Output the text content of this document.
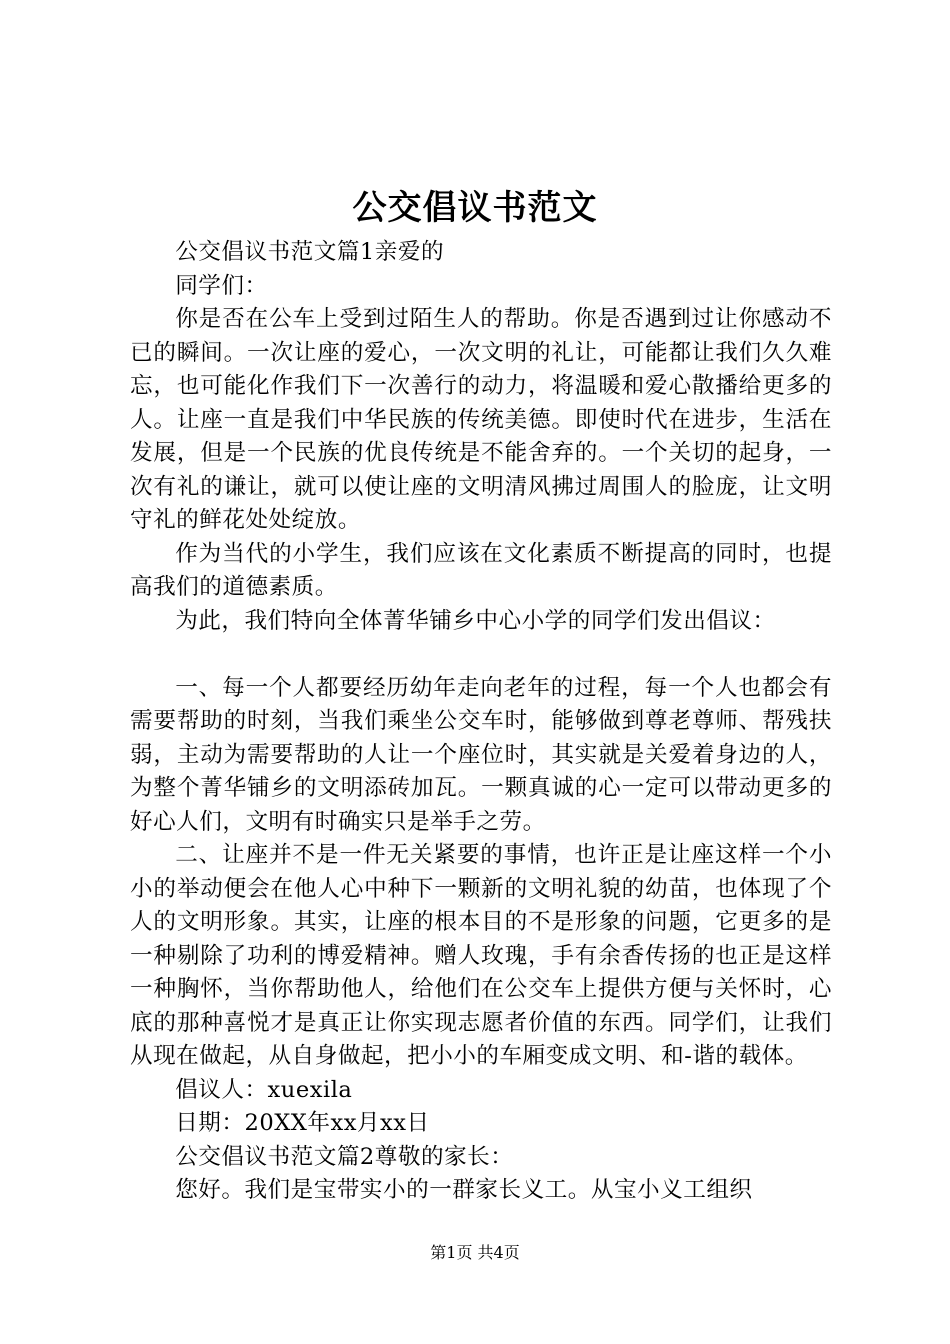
公交倡议书范文

公交倡议书范文篇1亲爱的

同学们：

你是否在公车上受到过陌生人的帮助。你是否遇到过让你感动不已的瞬间。一次让座的爱心，一次文明的礼让，可能都让我们久久难忘，也可能化作我们下一次善行的动力，将温暖和爱心散播给更多的人。让座一直是我们中华民族的传统美德。即使时代在进步，生活在发展，但是一个民族的优良传统是不能舍弃的。一个关切的起身，一次有礼的谦让，就可以使让座的文明清风拂过周围人的脸庞，让文明守礼的鲜花处处绽放。

作为当代的小学生，我们应该在文化素质不断提高的同时，也提高我们的道德素质。

为此，我们特向全体菁华铺乡中心小学的同学们发出倡议：

一、每一个人都要经历幼年走向老年的过程，每一个人也都会有需要帮助的时刻，当我们乘坐公交车时，能够做到尊老尊师、帮残扶弱，主动为需要帮助的人让一个座位时，其实就是关爱着身边的人，为整个菁华铺乡的文明添砖加瓦。一颗真诚的心一定可以带动更多的好心人们，文明有时确实只是举手之劳。

二、让座并不是一件无关紧要的事情，也许正是让座这样一个小小的举动便会在他人心中种下一颗新的文明礼貌的幼苗，也体现了个人的文明形象。其实，让座的根本目的不是形象的问题，它更多的是一种剔除了功利的博爱精神。赠人玫瑰，手有余香传扬的也正是这样一种胸怀，当你帮助他人，给他们在公交车上提供方便与关怀时，心底的那种喜悦才是真正让你实现志愿者价值的东西。同学们，让我们从现在做起，从自身做起，把小小的车厢变成文明、和-谐的载体。

倡议人：xuexila

日期：20XX年xx月xx日

公交倡议书范文篇2尊敬的家长：

您好。我们是宝带实小的一群家长义工。从宝小义工组织

第1页 共4页
